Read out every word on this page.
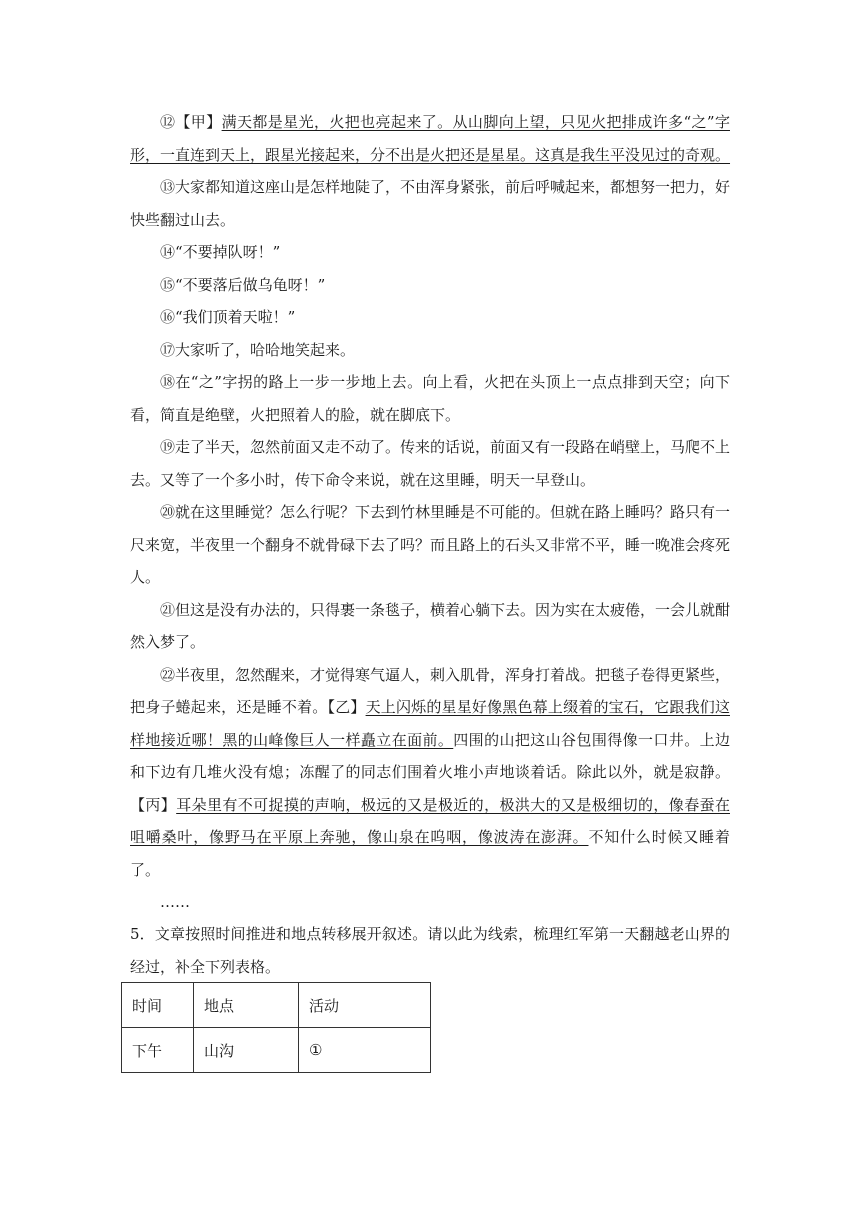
⑫【甲】满天都是星光，火把也亮起来了。从山脚向上望，只见火把排成许多“之”字形，一直连到天上，跟星光接起来，分不出是火把还是星星。这真是我生平没见过的奇观。

⑬大家都知道这座山是怎样地陡了，不由浑身紧张，前后呼喊起来，都想努一把力，好快些翻过山去。

⑭“不要掉队呀！”

⑮“不要落后做乌龟呀！”

⑯“我们顶着天啦！”

⑰大家听了，哈哈地笑起来。

⑱在“之”字拐的路上一步一步地上去。向上看，火把在头顶上一点点排到天空；向下看，简直是绝壁，火把照着人的脸，就在脚底下。

⑲走了半天，忽然前面又走不动了。传来的话说，前面又有一段路在峭壁上，马爬不上去。又等了一个多小时，传下命令来说，就在这里睡，明天一早登山。

⑳就在这里睡觉？怎么行呢？下去到竹林里睡是不可能的。但就在路上睡吗？路只有一尺来宽，半夜里一个翻身不就骨碌下去了吗？而且路上的石头又非常不平，睡一晚准会疼死人。

㉑但这是没有办法的，只得裹一条毯子，横着心躺下去。因为实在太疲倦，一会儿就酣然入梦了。

㉒半夜里，忽然醒来，才觉得寒气逼人，刺入肌骨，浑身打着战。把毯子卷得更紧些，把身子蜷起来，还是睡不着。【乙】天上闪烁的星星好像黑色幕上缀着的宝石，它跟我们这样地接近哪！黑的山峰像巨人一样矗立在面前。四围的山把这山谷包围得像一口井。上边和下边有几堆火没有熄；冻醒了的同志们围着火堆小声地谈着话。除此以外，就是寂静。【丙】耳朵里有不可捉摸的声响，极远的又是极近的，极洪大的又是极细切的，像春蚕在咀嚼桑叶，像野马在平原上奔驰，像山泉在呜咽，像波涛在澎湃。不知什么时候又睡着了。

……

5．文章按照时间推进和地点转移展开叙述。请以此为线索，梳理红军第一天翻越老山界的经过，补全下列表格。

时间	地点	活动
下午	山沟	①
